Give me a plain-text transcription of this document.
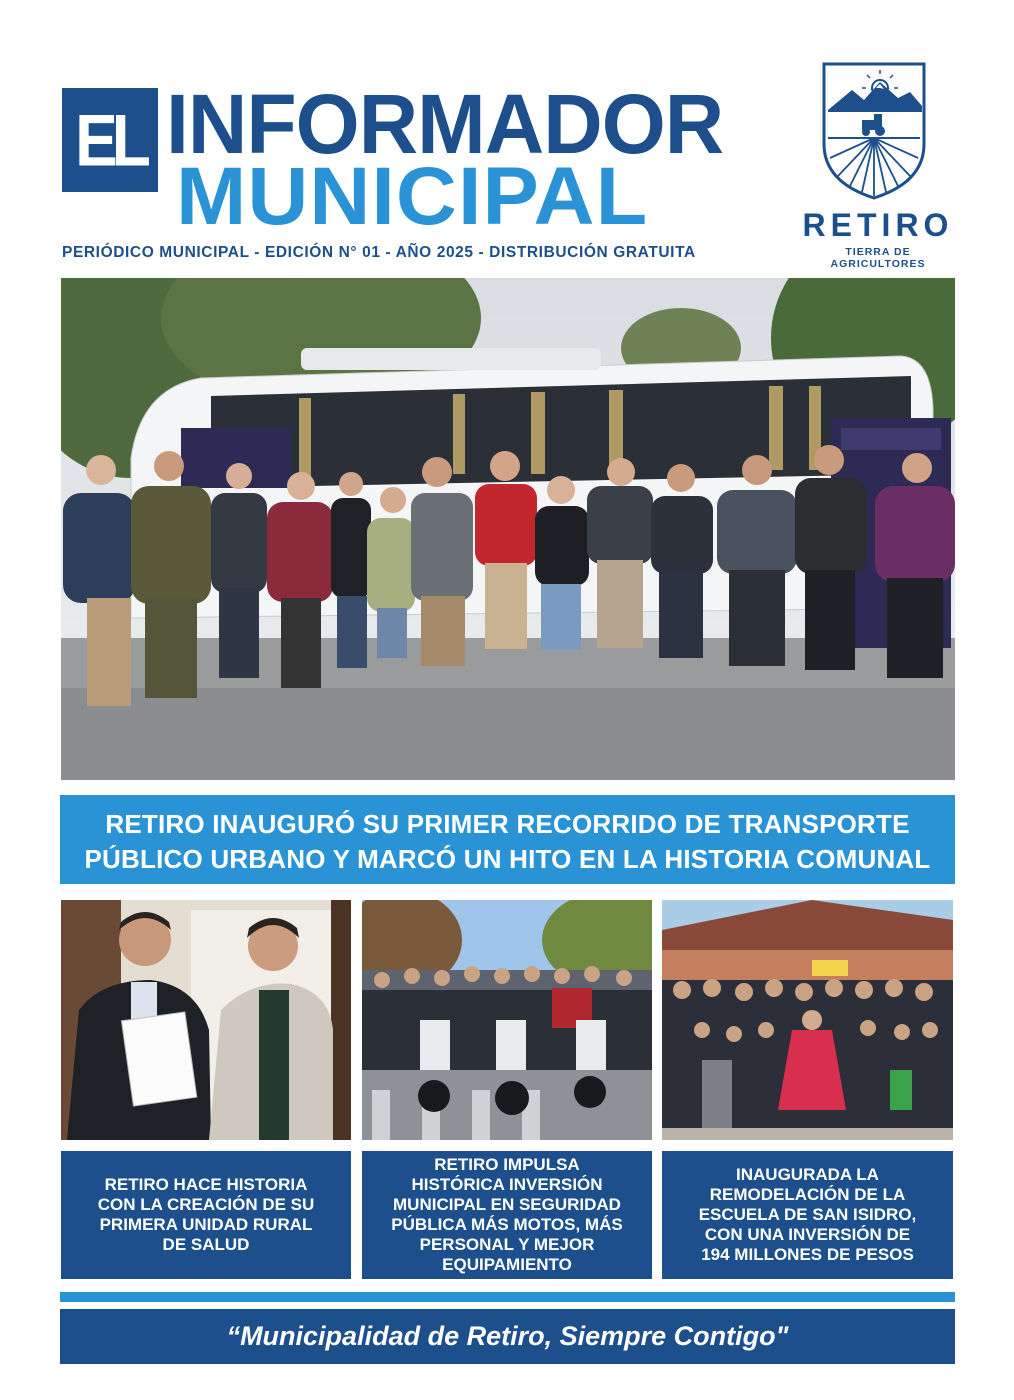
EL INFORMADOR
MUNICIPAL
PERIÓDICO MUNICIPAL - EDICIÓN N° 01 - AÑO 2025 - DISTRIBUCIÓN GRATUITA
RETIRO
TIERRA DE AGRICULTORES
RETIRO INAUGURÓ SU PRIMER RECORRIDO DE TRANSPORTE
PÚBLICO URBANO Y MARCÓ UN HITO EN LA HISTORIA COMUNAL
RETIRO HACE HISTORIA CON LA CREACIÓN DE SU PRIMERA UNIDAD RURAL DE SALUD
RETIRO IMPULSA HISTÓRICA INVERSIÓN MUNICIPAL EN SEGURIDAD PÚBLICA MÁS MOTOS, MÁS PERSONAL Y MEJOR EQUIPAMIENTO
INAUGURADA LA REMODELACIÓN DE LA ESCUELA DE SAN ISIDRO, CON UNA INVERSIÓN DE 194 MILLONES DE PESOS
“Municipalidad de Retiro, Siempre Contigo"
